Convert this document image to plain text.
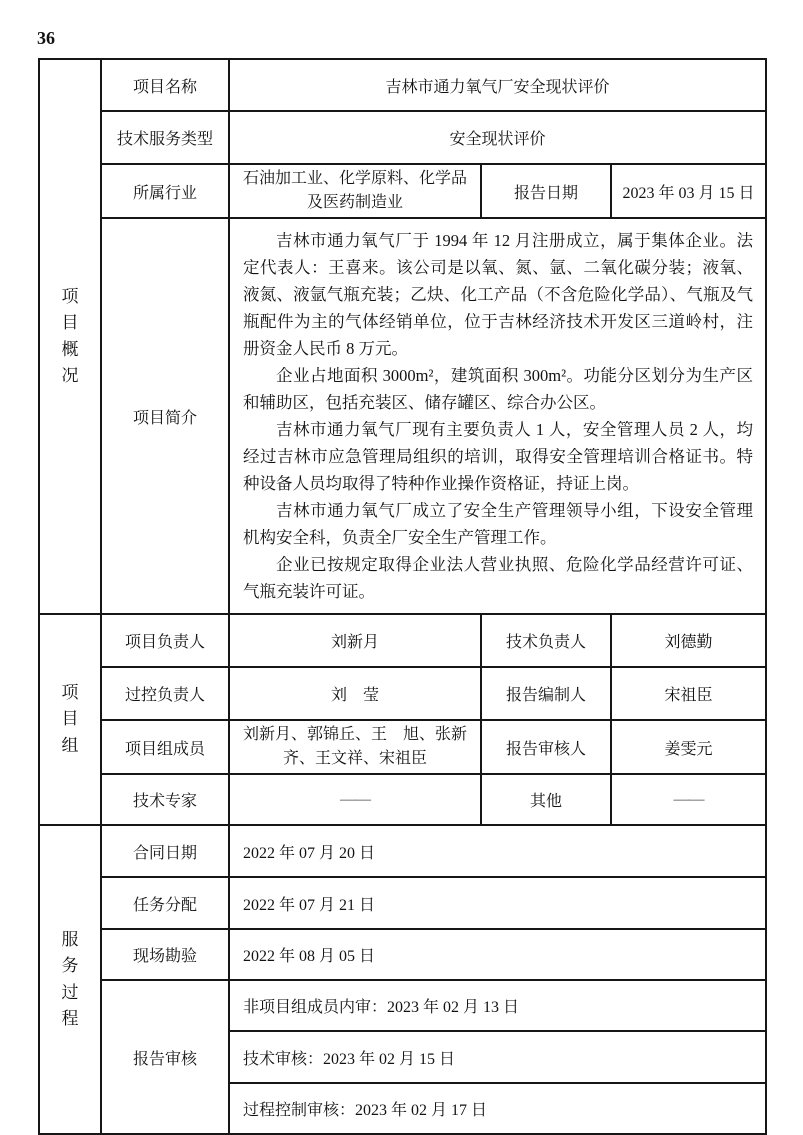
36
项目概况	项目名称	吉林市通力氧气厂安全现状评价		
	技术服务类型	安全现状评价		
	所属行业	石油加工业、化学原料、化学品及医药制造业	报告日期	2023 年 03 月 15 日
	项目简介	吉林市通力氧气厂于 1994 年 12 月注册成立，属于集体企业。法定代表人：王喜来。该公司是以氧、氮、氩、二氧化碳分装；液氧、液氮、液氩气瓶充装；乙炔、化工产品（不含危险化学品）、气瓶及气瓶配件为主的气体经销单位，位于吉林经济技术开发区三道岭村，注册资金人民币 8 万元。

企业占地面积 3000m²，建筑面积 300m²。功能分区划分为生产区和辅助区，包括充装区、储存罐区、综合办公区。

吉林市通力氧气厂现有主要负责人 1 人，安全管理人员 2 人，均经过吉林市应急管理局组织的培训，取得安全管理培训合格证书。特种设备人员均取得了特种作业操作资格证，持证上岗。

吉林市通力氧气厂成立了安全生产管理领导小组，下设安全管理机构安全科，负责全厂安全生产管理工作。

企业已按规定取得企业法人营业执照、危险化学品经营许可证、气瓶充装许可证。		

项目组	项目负责人	刘新月	技术负责人	刘德勤
	过控负责人	刘　莹	报告编制人	宋祖臣
	项目组成员	刘新月、郭锦丘、王　旭、张新齐、王文祥、宋祖臣	报告审核人	姜雯元
	技术专家	——	其他	——

服务过程	合同日期	2022 年 07 月 20 日		
	任务分配	2022 年 07 月 21 日		
	现场勘验	2022 年 08 月 05 日		
	报告审核	非项目组成员内审：2023 年 02 月 13 日		
		技术审核：2023 年 02 月 15 日		
		过程控制审核：2023 年 02 月 17 日		
